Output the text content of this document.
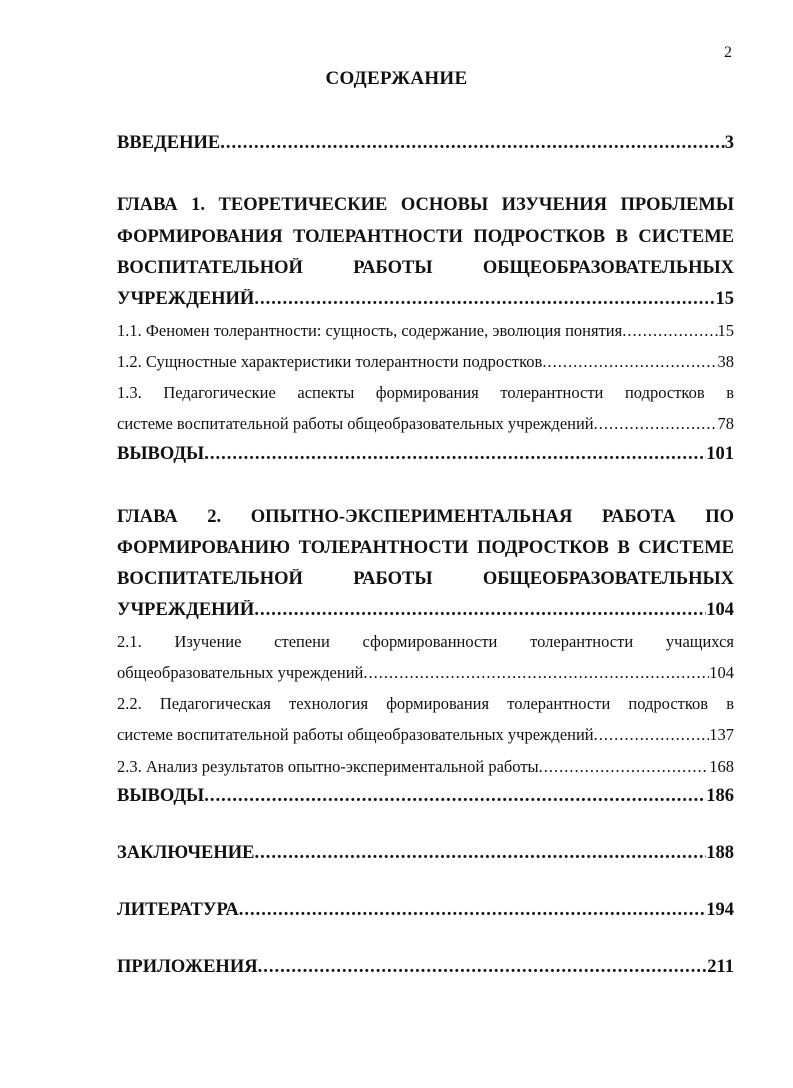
2
СОДЕРЖАНИЕ
ВВЕДЕНИЕ .....	3
ГЛАВА 1. ТЕОРЕТИЧЕСКИЕ ОСНОВЫ ИЗУЧЕНИЯ ПРОБЛЕМЫ
ФОРМИРОВАНИЯ ТОЛЕРАНТНОСТИ ПОДРОСТКОВ В СИСТЕМЕ
ВОСПИТАТЕЛЬНОЙ РАБОТЫ ОБЩЕОБРАЗОВАТЕЛЬНЫХ
УЧРЕЖДЕНИЙ .....	15
1.1. Феномен толерантности: сущность, содержание, эволюция понятия .....	15
1.2. Сущностные характеристики толерантности подростков .....	38
1.3. Педагогические аспекты формирования толерантности подростков в
системе воспитательной работы общеобразовательных учреждений .....	78
ВЫВОДЫ .....	101
ГЛАВА 2. ОПЫТНО-ЭКСПЕРИМЕНТАЛЬНАЯ РАБОТА ПО
ФОРМИРОВАНИЮ ТОЛЕРАНТНОСТИ ПОДРОСТКОВ В СИСТЕМЕ
ВОСПИТАТЕЛЬНОЙ РАБОТЫ ОБЩЕОБРАЗОВАТЕЛЬНЫХ
УЧРЕЖДЕНИЙ .....	104
2.1. Изучение степени сформированности толерантности учащихся
общеобразовательных учреждений .....	104
2.2. Педагогическая технология формирования толерантности подростков в
системе воспитательной работы общеобразовательных учреждений .....	137
2.3. Анализ результатов опытно-экспериментальной работы .....	168
ВЫВОДЫ .....	186
ЗАКЛЮЧЕНИЕ .....	188
ЛИТЕРАТУРА .....	194
ПРИЛОЖЕНИЯ .....	211
